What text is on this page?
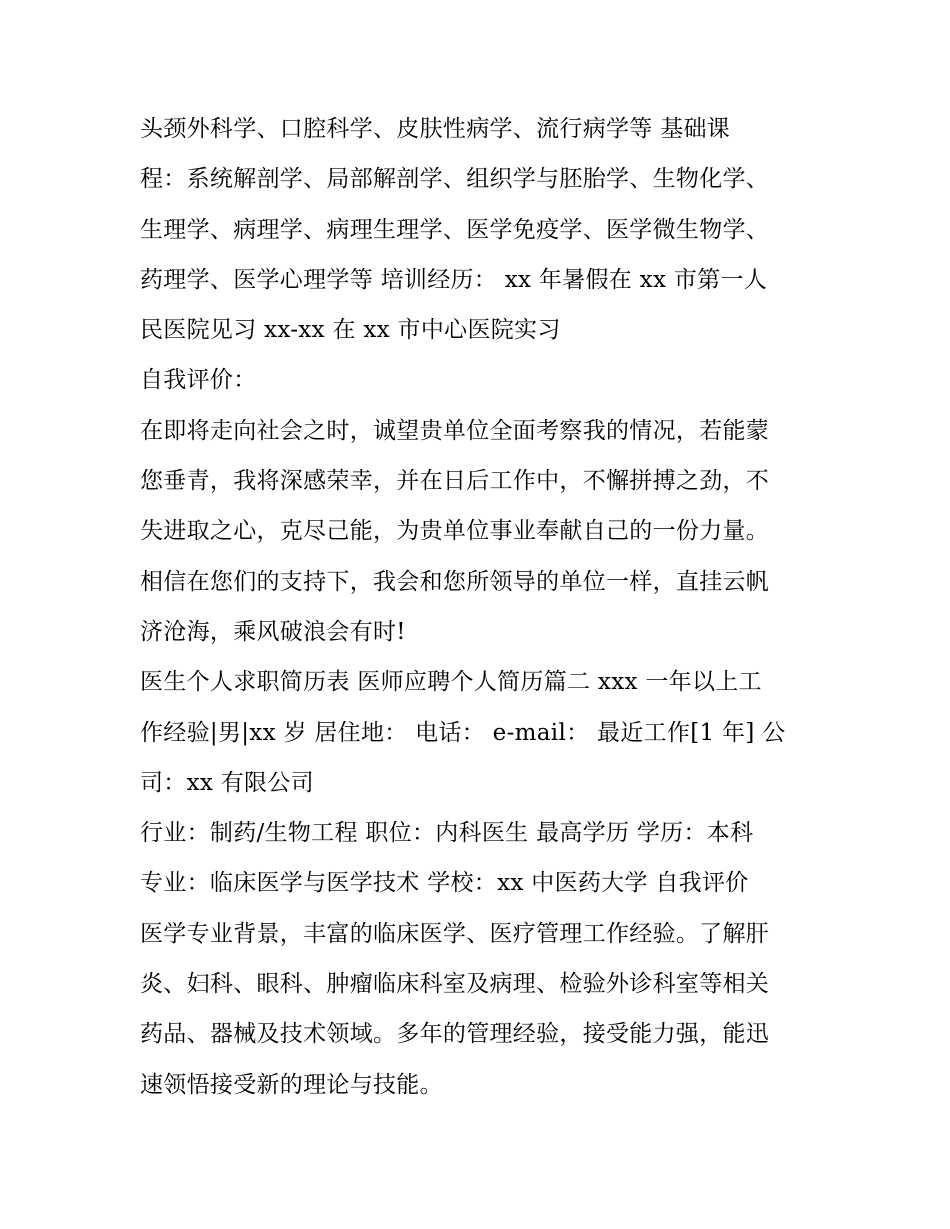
头颈外科学、口腔科学、皮肤性病学、流行病学等 基础课
程：系统解剖学、局部解剖学、组织学与胚胎学、生物化学、
生理学、病理学、病理生理学、医学免疫学、医学微生物学、
药理学、医学心理学等 培训经历： xx 年暑假在 xx 市第一人
民医院见习 xx-xx 在 xx 市中心医院实习
自我评价：
在即将走向社会之时，诚望贵单位全面考察我的情况，若能蒙
您垂青，我将深感荣幸，并在日后工作中，不懈拼搏之劲，不
失进取之心，克尽己能，为贵单位事业奉献自己的一份力量。
相信在您们的支持下，我会和您所领导的单位一样，直挂云帆
济沧海，乘风破浪会有时!
医生个人求职简历表 医师应聘个人简历篇二 xxx 一年以上工
作经验|男|xx 岁 居住地： 电话： e-mail： 最近工作[1 年] 公
司：xx 有限公司
行业：制药/生物工程 职位：内科医生 最高学历 学历：本科
专业：临床医学与医学技术 学校：xx 中医药大学 自我评价
医学专业背景，丰富的临床医学、医疗管理工作经验。了解肝
炎、妇科、眼科、肿瘤临床科室及病理、检验外诊科室等相关
药品、器械及技术领域。多年的管理经验，接受能力强，能迅
速领悟接受新的理论与技能。
